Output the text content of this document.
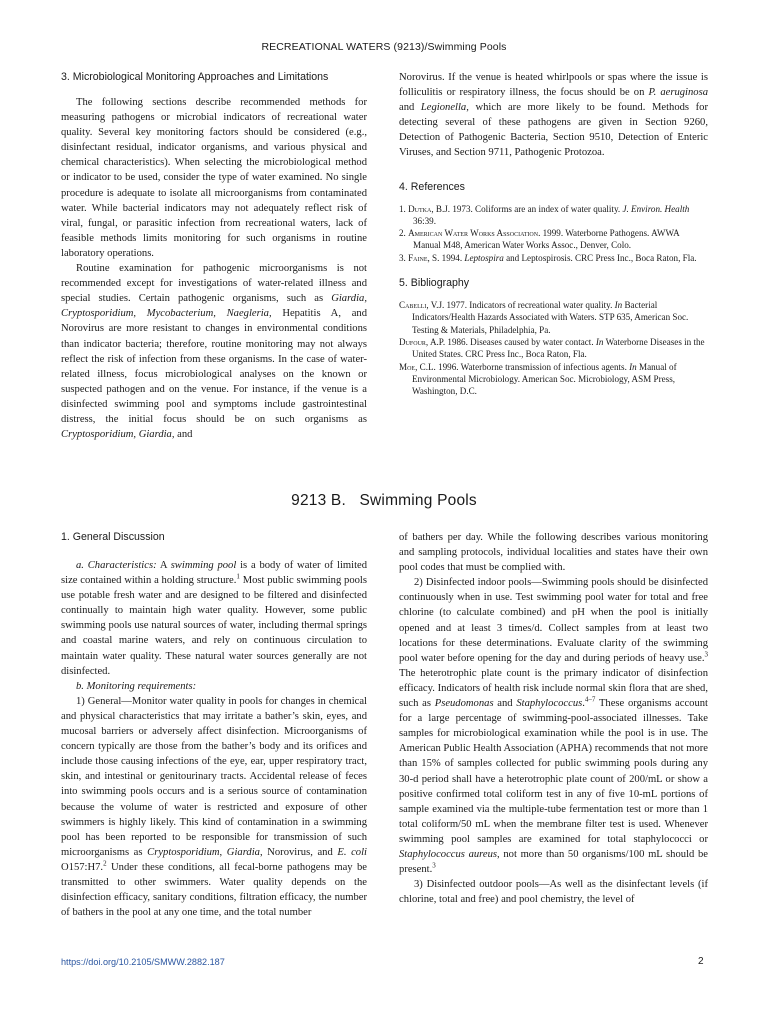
RECREATIONAL WATERS (9213)/Swimming Pools
3. Microbiological Monitoring Approaches and Limitations

The following sections describe recommended methods for measuring pathogens or microbial indicators of recreational water quality. Several key monitoring factors should be considered (e.g., disinfectant residual, indicator organisms, and various physical and chemical characteristics). When selecting the microbiological method or indicator to be used, consider the type of water examined. No single procedure is adequate to isolate all microorganisms from contaminated water. While bacterial indicators may not adequately reflect risk of viral, fungal, or parasitic infection from recreational waters, lack of feasible methods limits monitoring for such organisms in routine laboratory operations.

Routine examination for pathogenic microorganisms is not recommended except for investigations of water-related illness and special studies. Certain pathogenic organisms, such as Giardia, Cryptosporidium, Mycobacterium, Naegleria, Hepatitis A, and Norovirus are more resistant to changes in environmental conditions than indicator bacteria; therefore, routine monitoring may not always reflect the risk of infection from these organisms. In the case of water-related illness, focus microbiological analyses on the known or suspected pathogen and on the venue. For instance, if the venue is a disinfected swimming pool and symptoms include gastrointestinal distress, the initial focus should be on such organisms as Cryptosporidium, Giardia, and

Norovirus. If the venue is heated whirlpools or spas where the issue is folliculitis or respiratory illness, the focus should be on P. aeruginosa and Legionella, which are more likely to be found. Methods for detecting several of these pathogens are given in Section 9260, Detection of Pathogenic Bacteria, Section 9510, Detection of Enteric Viruses, and Section 9711, Pathogenic Protozoa.

4. References
1. Dutka, B.J. 1973. Coliforms are an index of water quality. J. Environ. Health 36:39.
2. American Water Works Association. 1999. Waterborne Pathogens. AWWA Manual M48, American Water Works Assoc., Denver, Colo.
3. Faine, S. 1994. Leptospira and Leptospirosis. CRC Press Inc., Boca Raton, Fla.
5. Bibliography
Cabelli, V.J. 1977. Indicators of recreational water quality. In Bacterial Indicators/Health Hazards Associated with Waters. STP 635, American Soc. Testing & Materials, Philadelphia, Pa.
Dufour, A.P. 1986. Diseases caused by water contact. In Waterborne Diseases in the United States. CRC Press Inc., Boca Raton, Fla.
Moe, C.L. 1996. Waterborne transmission of infectious agents. In Manual of Environmental Microbiology. American Soc. Microbiology, ASM Press, Washington, D.C.
9213 B.   Swimming Pools
1. General Discussion

a. Characteristics: A swimming pool is a body of water of limited size contained within a holding structure.$^1$ Most public swimming pools use potable fresh water and are designed to be filtered and disinfected continually to maintain high water quality. However, some public swimming pools use natural sources of water, including thermal springs and coastal marine waters, and rely on continuous circulation to maintain water quality. These natural water sources generally are not disinfected.

b. Monitoring requirements:

1) General—Monitor water quality in pools for changes in chemical and physical characteristics that may irritate a bather’s skin, eyes, and mucosal barriers or adversely affect disinfection. Microorganisms of concern typically are those from the bather’s body and its orifices and include those causing infections of the eye, ear, upper respiratory tract, skin, and intestinal or genitourinary tracts. Accidental release of feces into swimming pools occurs and is a serious source of contamination because the volume of water is restricted and exposure of other swimmers is highly likely. This kind of contamination in a swimming pool has been reported to be responsible for transmission of such microorganisms as Cryptosporidium, Giardia, Norovirus, and E. coli O157:H7.$^2$ Under these conditions, all fecal-borne pathogens may be transmitted to other swimmers. Water quality depends on the disinfection efficacy, sanitary conditions, filtration efficacy, the number of bathers in the pool at any one time, and the total number

of bathers per day. While the following describes various monitoring and sampling protocols, individual localities and states have their own pool codes that must be complied with.

2) Disinfected indoor pools—Swimming pools should be disinfected continuously when in use. Test swimming pool water for total and free chlorine (to calculate combined) and pH when the pool is initially opened and at least 3 times/d. Collect samples from at least two locations for these determinations. Evaluate clarity of the swimming pool water before opening for the day and during periods of heavy use.$^3$ The heterotrophic plate count is the primary indicator of disinfection efficacy. Indicators of health risk include normal skin flora that are shed, such as Pseudomonas and Staphylococcus.$^{4-7}$ These organisms account for a large percentage of swimming-pool-associated illnesses. Take samples for microbiological examination while the pool is in use. The American Public Health Association (APHA) recommends that not more than 15% of samples collected for public swimming pools during any 30-d period shall have a heterotrophic plate count of 200/mL or show a positive confirmed total coliform test in any of five 10-mL portions of sample examined via the multiple-tube fermentation test or more than 1 total coliform/50 mL when the membrane filter test is used. Whenever swimming pool samples are examined for total staphylococci or Staphylococcus aureus, not more than 50 organisms/100 mL should be present.$^3$

3) Disinfected outdoor pools—As well as the disinfectant levels (if chlorine, total and free) and pool chemistry, the level of

https://doi.org/10.2105/SMWW.2882.187	2
